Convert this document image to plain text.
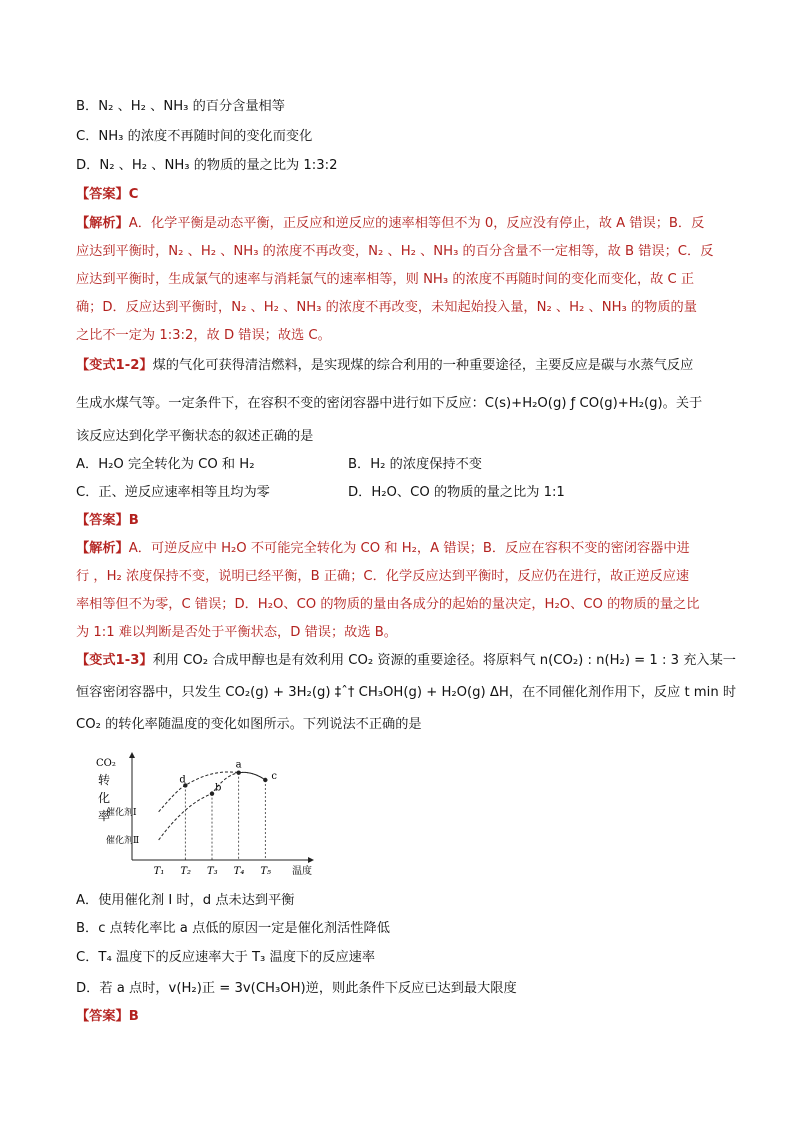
B．N₂ 、H₂ 、NH₃ 的百分含量相等
C．NH₃ 的浓度不再随时间的变化而变化
D．N₂ 、H₂ 、NH₃ 的物质的量之比为 1:3:2
【答案】C
【解析】A．化学平衡是动态平衡，正反应和逆反应的速率相等但不为 0，反应没有停止，故 A 错误；B．反
应达到平衡时，N₂ 、H₂ 、NH₃ 的浓度不再改变，N₂ 、H₂ 、NH₃ 的百分含量不一定相等，故 B 错误；C．反
应达到平衡时，生成氯气的速率与消耗氯气的速率相等，则 NH₃ 的浓度不再随时间的变化而变化，故 C 正
确；D．反应达到平衡时，N₂ 、H₂ 、NH₃ 的浓度不再改变，未知起始投入量，N₂ 、H₂ 、NH₃ 的物质的量
之比不一定为 1:3:2，故 D 错误；故选 C。
【变式1-2】煤的气化可获得清洁燃料，是实现煤的综合利用的一种重要途径，主要反应是碳与水蒸气反应
生成水煤气等。一定条件下，在容积不变的密闭容器中进行如下反应：C(s)+H₂O(g) ƒ CO(g)+H₂(g)。关于
该反应达到化学平衡状态的叙述正确的是
A．H₂O 完全转化为 CO 和 H₂	B．H₂ 的浓度保持不变
C．正、逆反应速率相等且均为零	D．H₂O、CO 的物质的量之比为 1:1
【答案】B
【解析】A．可逆反应中 H₂O 不可能完全转化为 CO 和 H₂，A 错误；B．反应在容积不变的密闭容器中进
行 ，H₂ 浓度保持不变，说明已经平衡，B 正确；C．化学反应达到平衡时，反应仍在进行，故正逆反应速
率相等但不为零，C 错误；D．H₂O、CO 的物质的量由各成分的起始的量决定，H₂O、CO 的物质的量之比
为 1:1 难以判断是否处于平衡状态，D 错误；故选 B。
【变式1-3】利用 CO₂ 合成甲醇也是有效利用 CO₂ 资源的重要途径。将原料气 n(CO₂) : n(H₂) = 1 : 3 充入某一
恒容密闭容器中，只发生 CO₂(g) + 3H₂(g) ‡ˆ† CH₃OH(g) + H₂O(g) ΔH，在不同催化剂作用下，反应 t min 时
CO₂ 的转化率随温度的变化如图所示。下列说法不正确的是
CO₂
转
化
率
温度
T₁ T₂ T₃ T₄ T₅
a
b
c
d
催化剂Ⅰ
催化剂Ⅱ
A．使用催化剂 I 时，d 点未达到平衡
B．c 点转化率比 a 点低的原因一定是催化剂活性降低
C．T₄ 温度下的反应速率大于 T₃ 温度下的反应速率
D．若 a 点时，v(H₂)正 = 3v(CH₃OH)逆，则此条件下反应已达到最大限度
【答案】B
